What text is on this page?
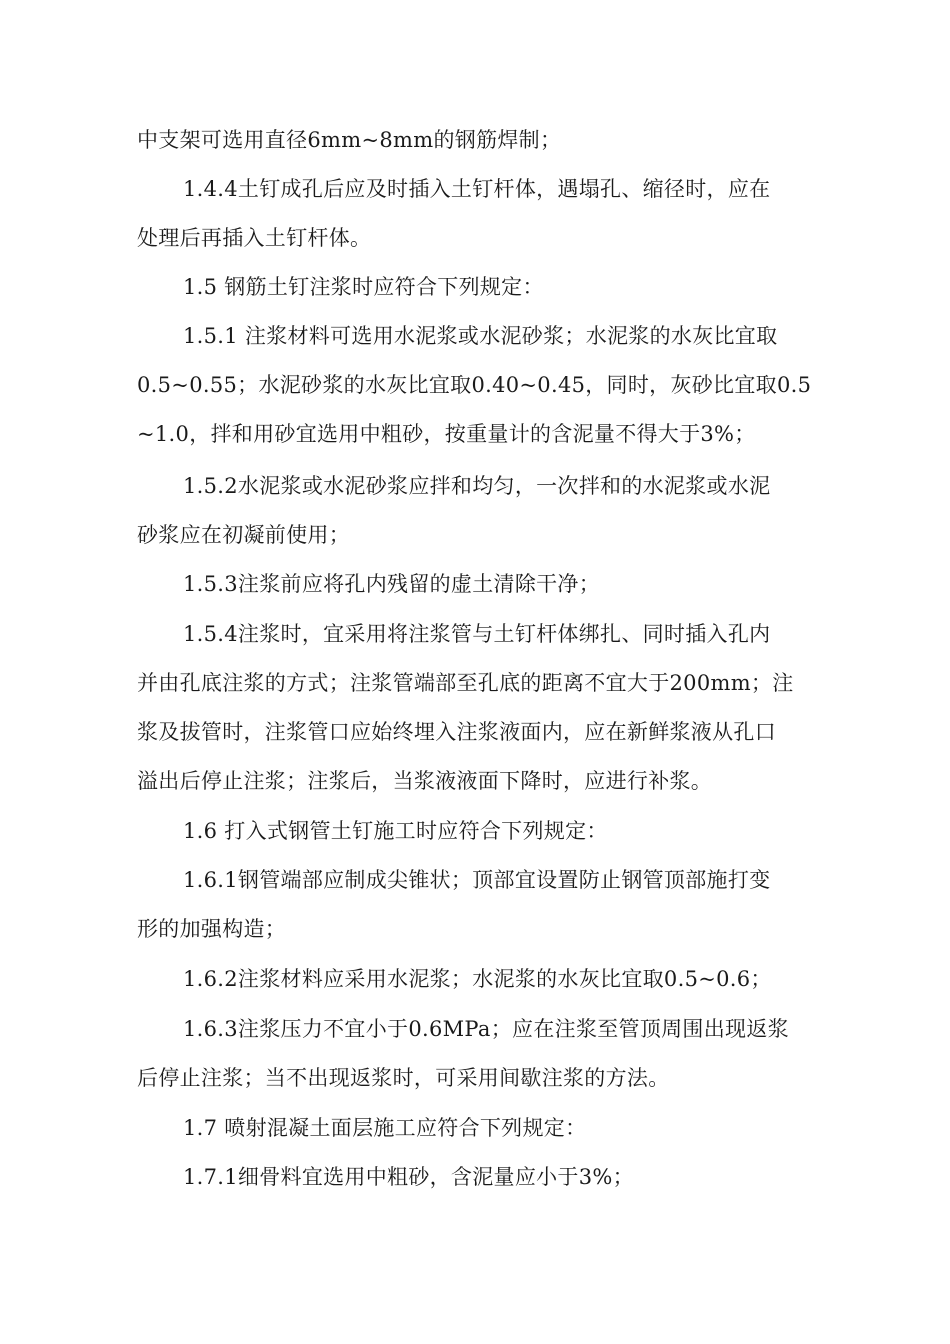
中支架可选用直径6mm~8mm的钢筋焊制；
1.4.4土钉成孔后应及时插入土钉杆体，遇塌孔、缩径时，应在
处理后再插入土钉杆体。
1.5 钢筋土钉注浆时应符合下列规定：
1.5.1 注浆材料可选用水泥浆或水泥砂浆；水泥浆的水灰比宜取
0.5~0.55；水泥砂浆的水灰比宜取0.40~0.45，同时，灰砂比宜取0.5
~1.0，拌和用砂宜选用中粗砂，按重量计的含泥量不得大于3%；
1.5.2水泥浆或水泥砂浆应拌和均匀，一次拌和的水泥浆或水泥
砂浆应在初凝前使用；
1.5.3注浆前应将孔内残留的虚土清除干净；
1.5.4注浆时，宜采用将注浆管与土钉杆体绑扎、同时插入孔内
并由孔底注浆的方式；注浆管端部至孔底的距离不宜大于200mm；注
浆及拔管时，注浆管口应始终埋入注浆液面内，应在新鲜浆液从孔口
溢出后停止注浆；注浆后，当浆液液面下降时，应进行补浆。
1.6 打入式钢管土钉施工时应符合下列规定：
1.6.1钢管端部应制成尖锥状；顶部宜设置防止钢管顶部施打变
形的加强构造；
1.6.2注浆材料应采用水泥浆；水泥浆的水灰比宜取0.5~0.6；
1.6.3注浆压力不宜小于0.6MPa；应在注浆至管顶周围出现返浆
后停止注浆；当不出现返浆时，可采用间歇注浆的方法。
1.7 喷射混凝土面层施工应符合下列规定：
1.7.1细骨料宜选用中粗砂，含泥量应小于3%；
